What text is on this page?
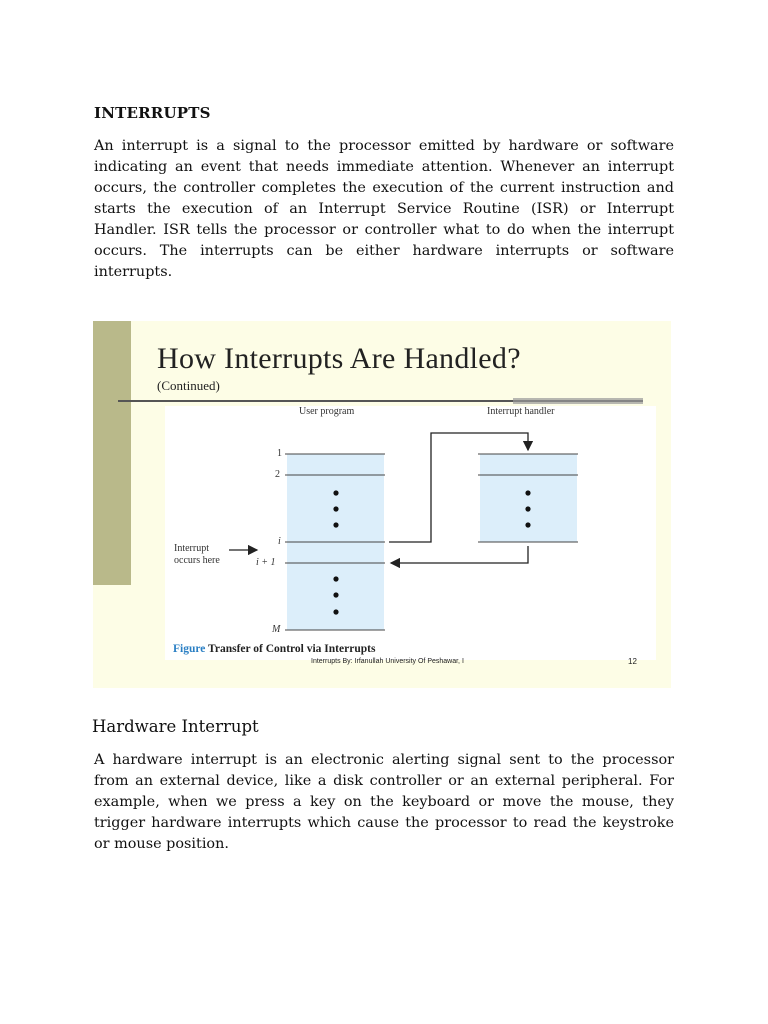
INTERRUPTS

An interrupt is a signal to the processor emitted by hardware or software indicating an event that needs immediate attention. Whenever an interrupt occurs, the controller completes the execution of the current instruction and starts the execution of an Interrupt Service Routine (ISR) or Interrupt Handler. ISR tells the processor or controller what to do when the interrupt occurs. The interrupts can be either hardware interrupts or software interrupts.

How Interrupts Are Handled?
(Continued)
User program	Interrupt handler
1
2
i
i + 1
M
Interrupt
occurs here
Figure Transfer of Control via Interrupts
Interrupts By: Irfanullah University Of Peshawar, I	12
Hardware Interrupt

A hardware interrupt is an electronic alerting signal sent to the processor from an external device, like a disk controller or an external peripheral. For example, when we press a key on the keyboard or move the mouse, they trigger hardware interrupts which cause the processor to read the keystroke or mouse position.
